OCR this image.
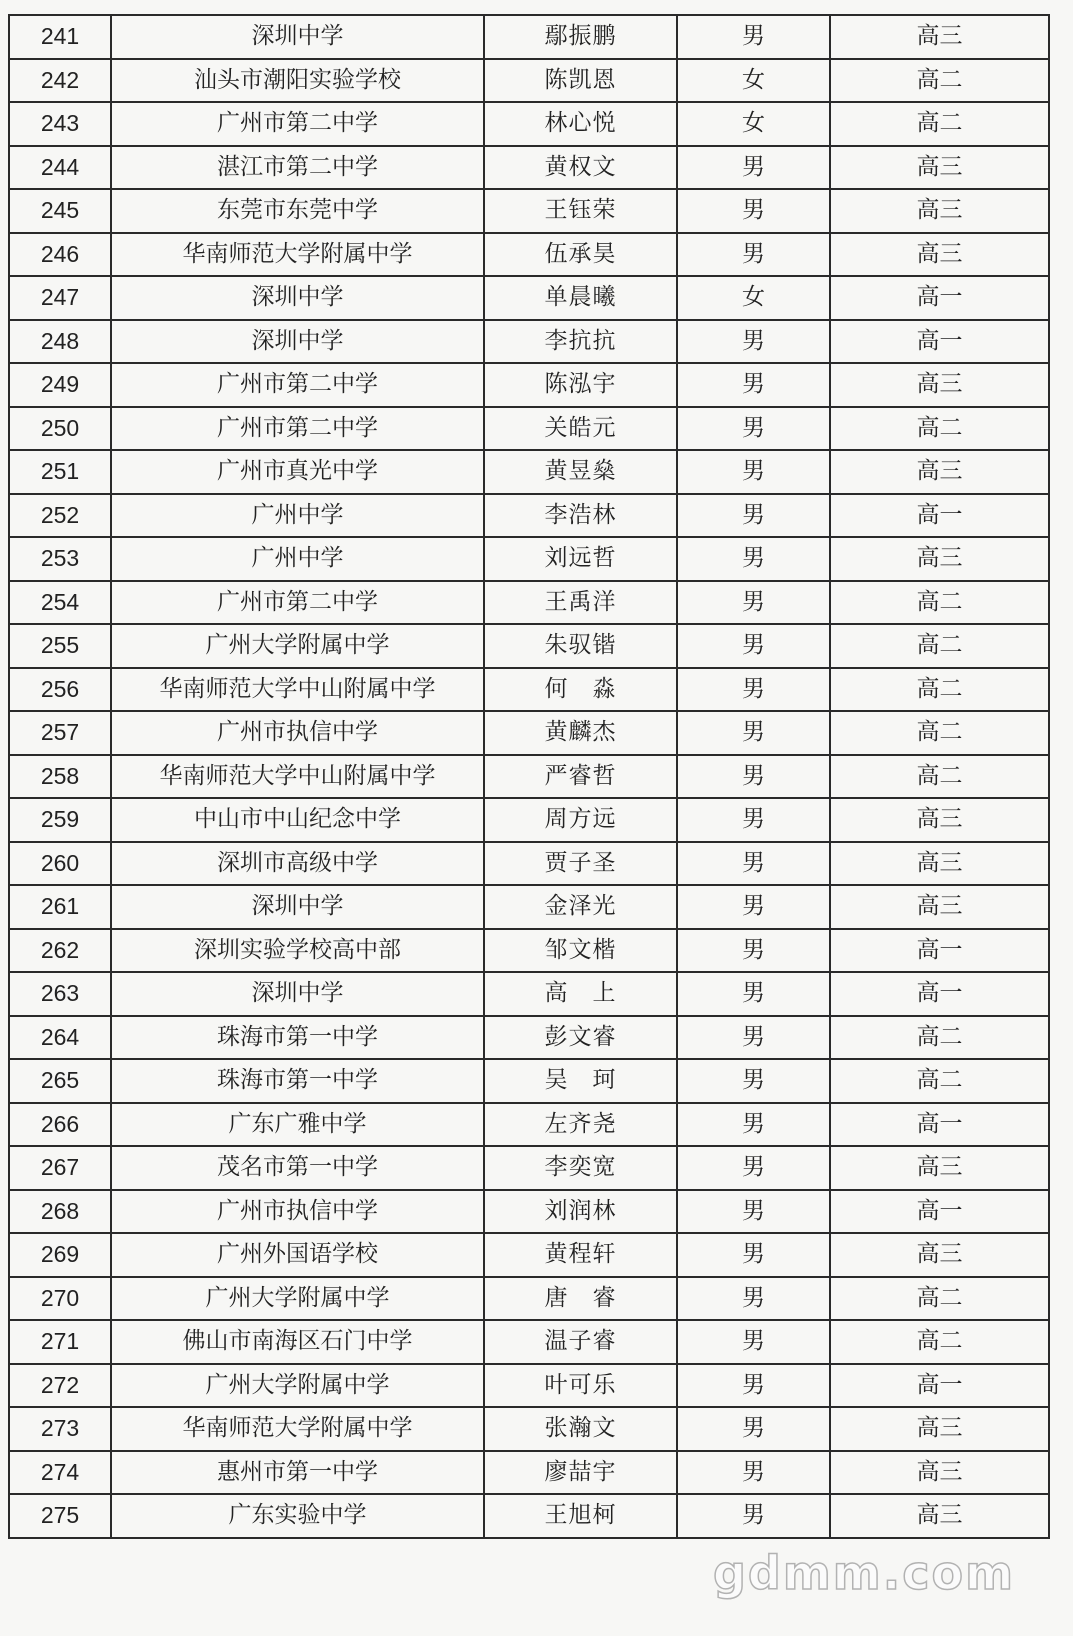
241	深圳中学	鄢振鹏	男	高三
242	汕头市潮阳实验学校	陈凯恩	女	高二
243	广州市第二中学	林心悦	女	高二
244	湛江市第二中学	黄权文	男	高三
245	东莞市东莞中学	王钰荣	男	高三
246	华南师范大学附属中学	伍承昊	男	高三
247	深圳中学	单晨曦	女	高一
248	深圳中学	李抗抗	男	高一
249	广州市第二中学	陈泓宇	男	高三
250	广州市第二中学	关皓元	男	高二
251	广州市真光中学	黄昱燊	男	高三
252	广州中学	李浩林	男	高一
253	广州中学	刘远哲	男	高三
254	广州市第二中学	王禹洋	男	高二
255	广州大学附属中学	朱驭锴	男	高二
256	华南师范大学中山附属中学	何　淼	男	高二
257	广州市执信中学	黄麟杰	男	高二
258	华南师范大学中山附属中学	严睿哲	男	高二
259	中山市中山纪念中学	周方远	男	高三
260	深圳市高级中学	贾子圣	男	高三
261	深圳中学	金泽光	男	高三
262	深圳实验学校高中部	邹文楷	男	高一
263	深圳中学	高　上	男	高一
264	珠海市第一中学	彭文睿	男	高二
265	珠海市第一中学	吴　珂	男	高二
266	广东广雅中学	左齐尧	男	高一
267	茂名市第一中学	李奕宽	男	高三
268	广州市执信中学	刘润林	男	高一
269	广州外国语学校	黄程轩	男	高三
270	广州大学附属中学	唐　睿	男	高二
271	佛山市南海区石门中学	温子睿	男	高二
272	广州大学附属中学	叶可乐	男	高一
273	华南师范大学附属中学	张瀚文	男	高三
274	惠州市第一中学	廖喆宇	男	高三
275	广东实验中学	王旭柯	男	高三
gdmm.com
